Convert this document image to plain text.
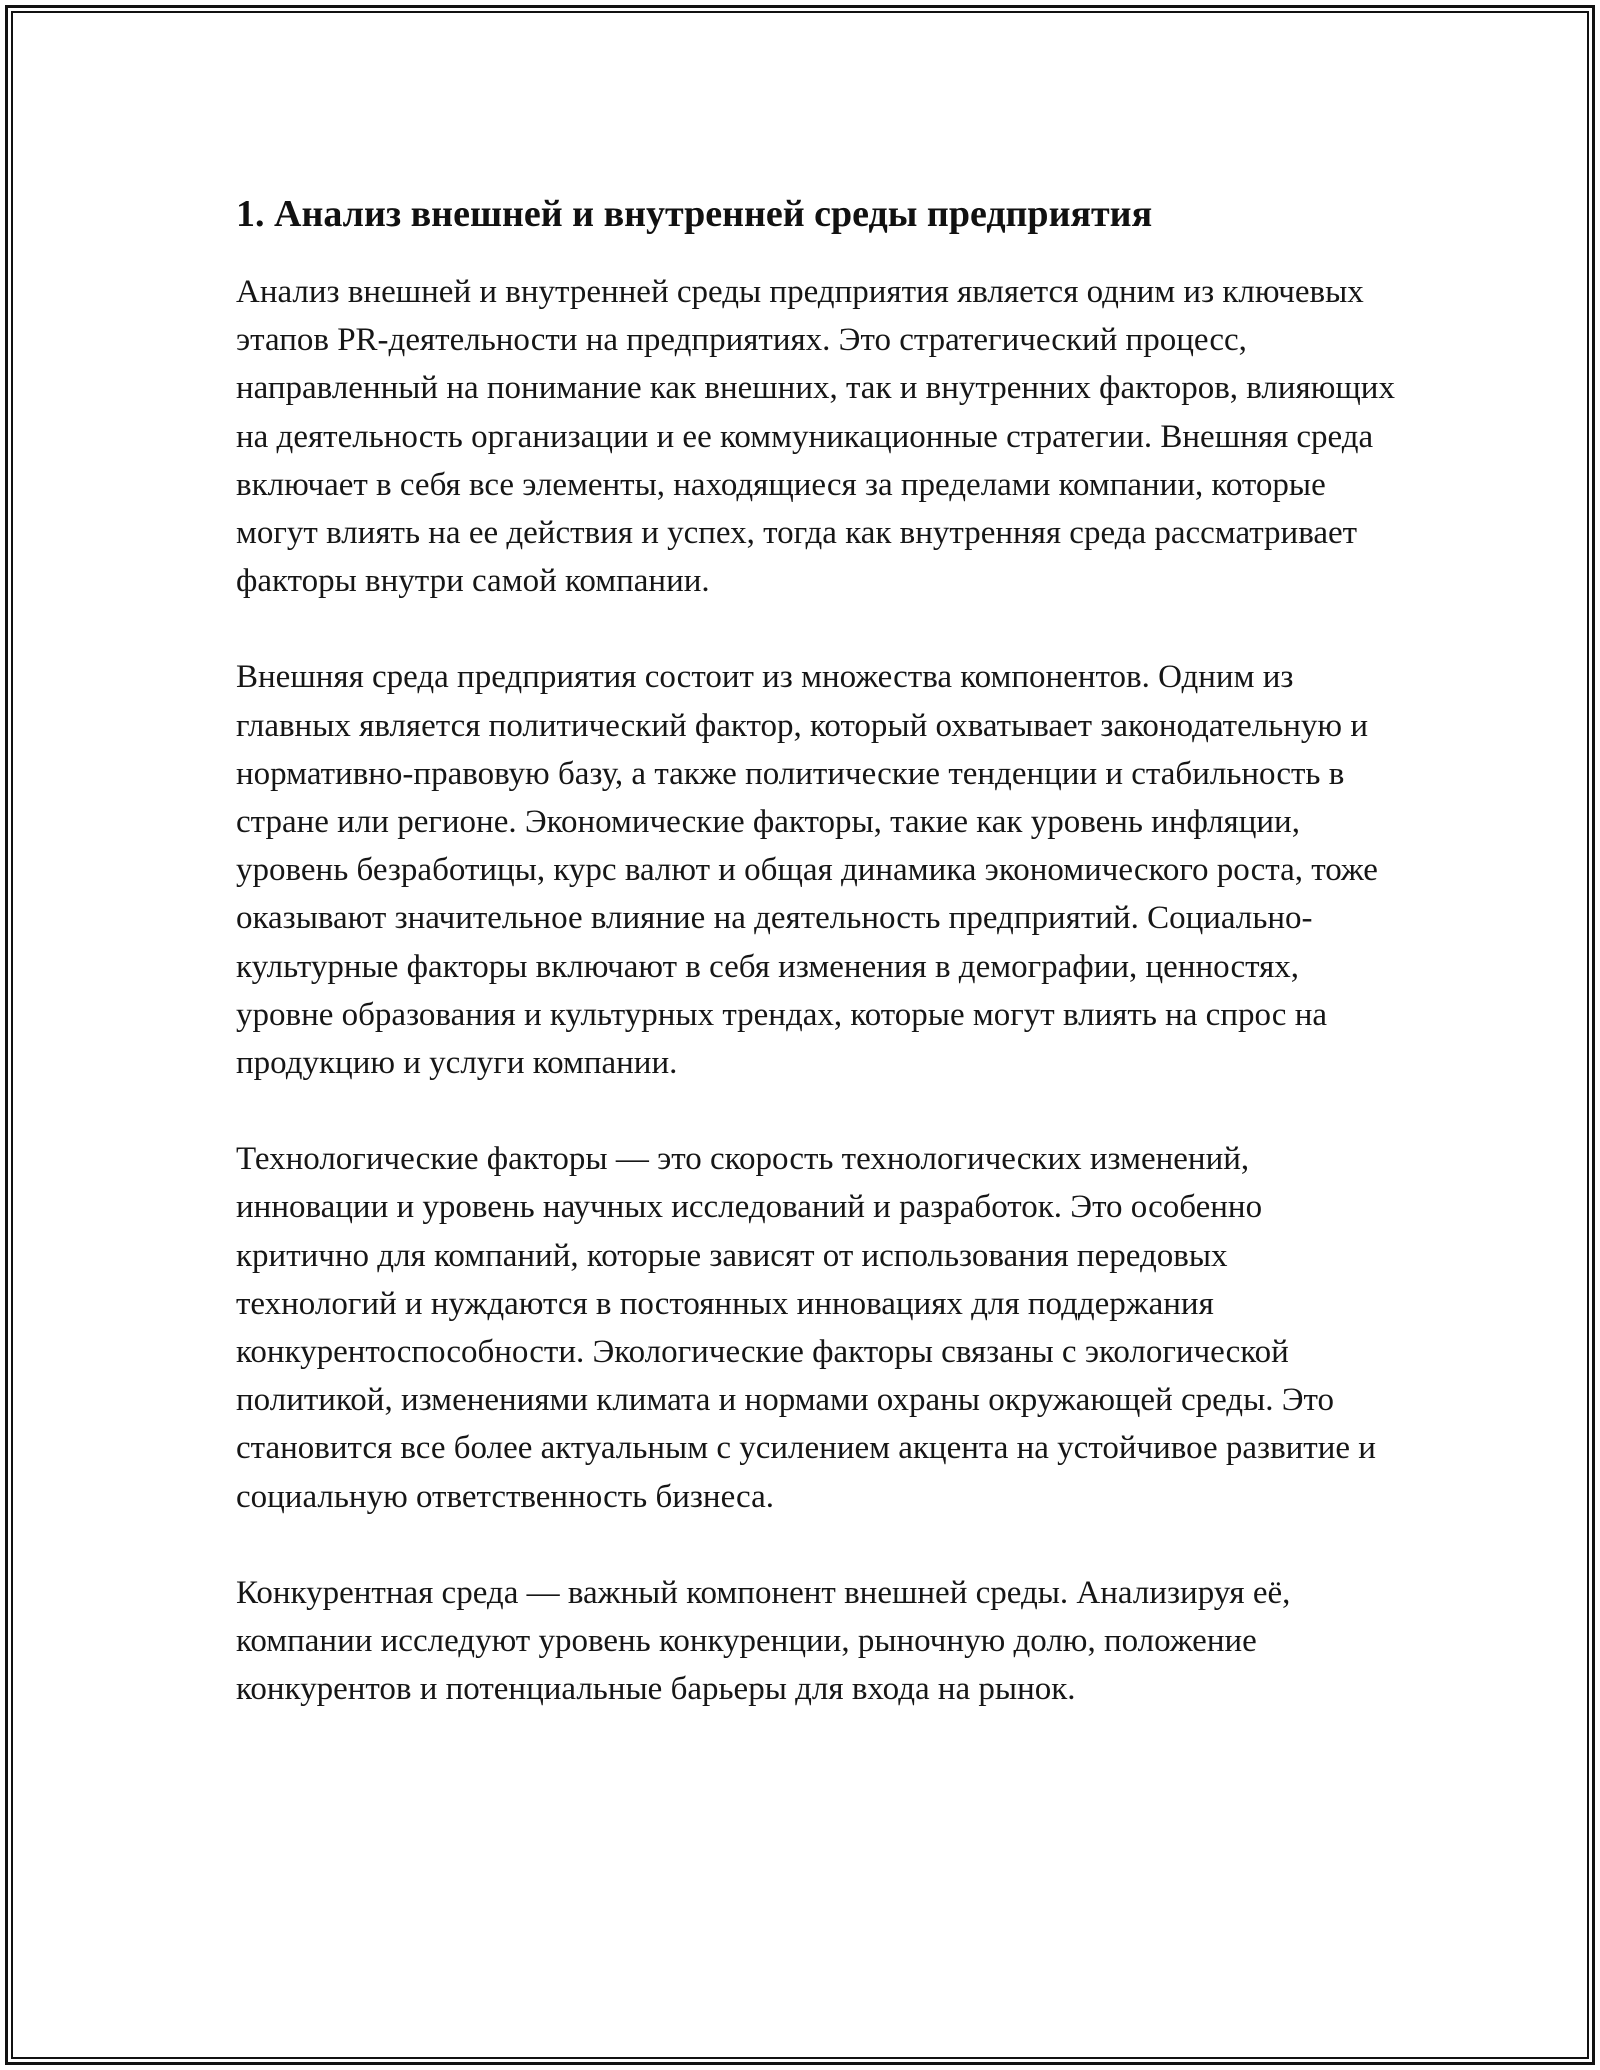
1. Анализ внешней и внутренней среды предприятия

Анализ внешней и внутренней среды предприятия является одним из ключевых этапов PR-деятельности на предприятиях. Это стратегический процесс, направленный на понимание как внешних, так и внутренних факторов, влияющих на деятельность организации и ее коммуникационные стратегии. Внешняя среда включает в себя все элементы, находящиеся за пределами компании, которые могут влиять на ее действия и успех, тогда как внутренняя среда рассматривает факторы внутри самой компании.

Внешняя среда предприятия состоит из множества компонентов. Одним из главных является политический фактор, который охватывает законодательную и нормативно-правовую базу, а также политические тенденции и стабильность в стране или регионе. Экономические факторы, такие как уровень инфляции, уровень безработицы, курс валют и общая динамика экономического роста, тоже оказывают значительное влияние на деятельность предприятий. Социально-культурные факторы включают в себя изменения в демографии, ценностях, уровне образования и культурных трендах, которые могут влиять на спрос на продукцию и услуги компании.

Технологические факторы — это скорость технологических изменений, инновации и уровень научных исследований и разработок. Это особенно критично для компаний, которые зависят от использования передовых технологий и нуждаются в постоянных инновациях для поддержания конкурентоспособности. Экологические факторы связаны с экологической политикой, изменениями климата и нормами охраны окружающей среды. Это становится все более актуальным с усилением акцента на устойчивое развитие и социальную ответственность бизнеса.

Конкурентная среда — важный компонент внешней среды. Анализируя её, компании исследуют уровень конкуренции, рыночную долю, положение конкурентов и потенциальные барьеры для входа на рынок.
